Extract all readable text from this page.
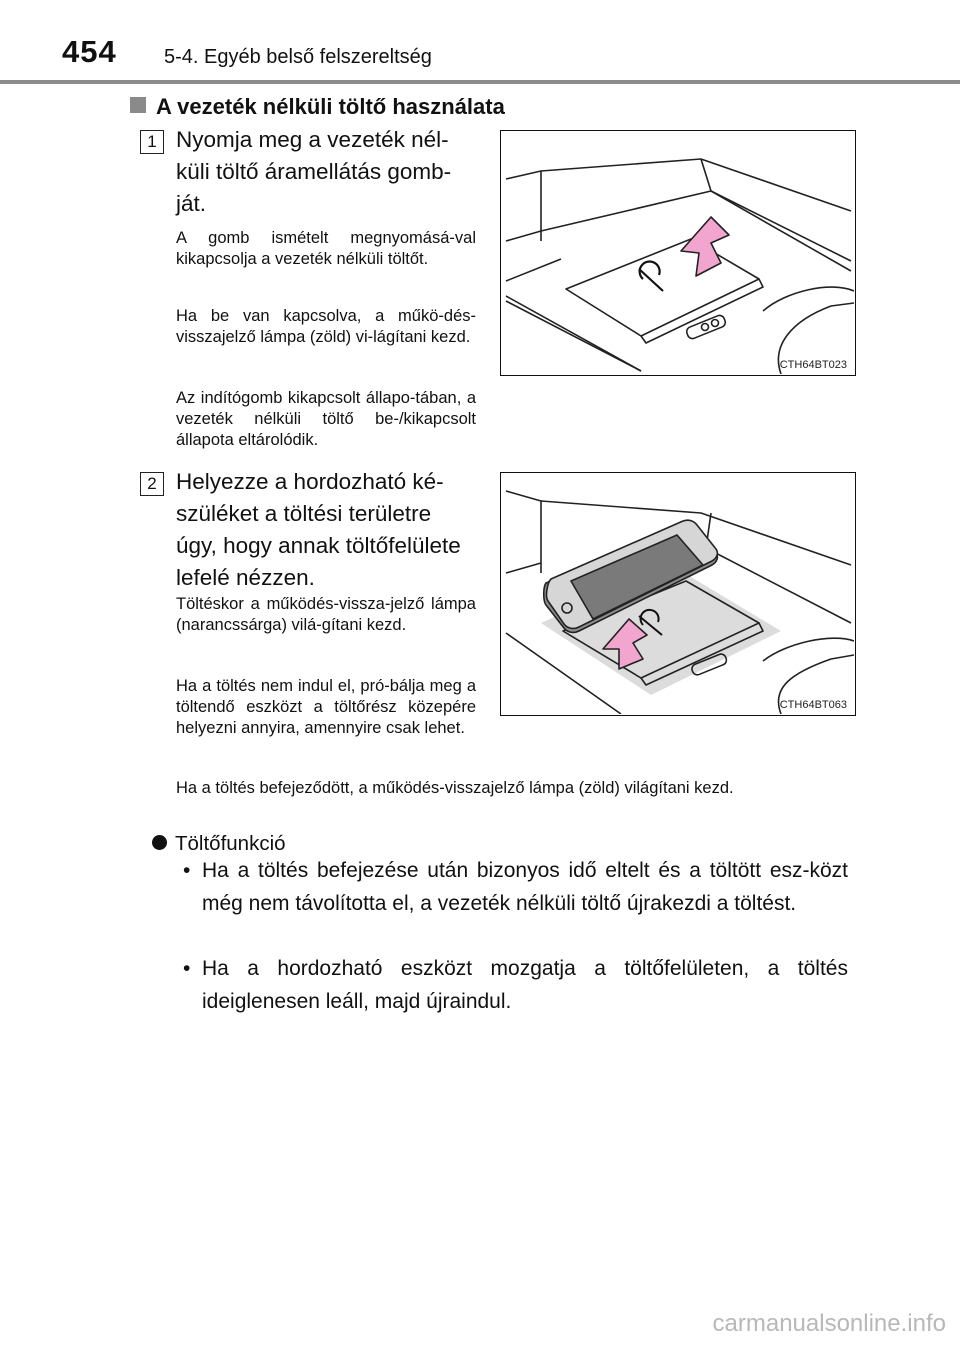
454 5-4. Egyéb belső felszereltség
A vezeték nélküli töltő használata
1 Nyomja meg a vezeték nél-
küli töltő áramellátás gomb-
ját.
A gomb ismételt megnyomásá-val kikapcsolja a vezeték nélküli töltőt.
Ha be van kapcsolva, a műkö-dés-visszajelző lámpa (zöld) vi-lágítani kezd.
Az indítógomb kikapcsolt állapo-tában, a vezeték nélküli töltő be-/kikapcsolt állapota eltárolódik.
CTH64BT023
2 Helyezze a hordozható ké-
szüléket a töltési területre
úgy, hogy annak töltőfelülete
lefelé nézzen.
Töltéskor a működés-vissza-jelző lámpa (narancssárga) vilá-gítani kezd.
Ha a töltés nem indul el, pró-bálja meg a töltendő eszközt a töltőrész közepére helyezni annyira, amennyire csak lehet.
CTH64BT063
Ha a töltés befejeződött, a működés-visszajelző lámpa (zöld) világítani kezd.
Töltőfunkció
• Ha a töltés befejezése után bizonyos idő eltelt és a töltött esz-közt még nem távolította el, a vezeték nélküli töltő újrakezdi a töltést.
• Ha a hordozható eszközt mozgatja a töltőfelületen, a töltés ideiglenesen leáll, majd újraindul.
carmanualsonline.info
